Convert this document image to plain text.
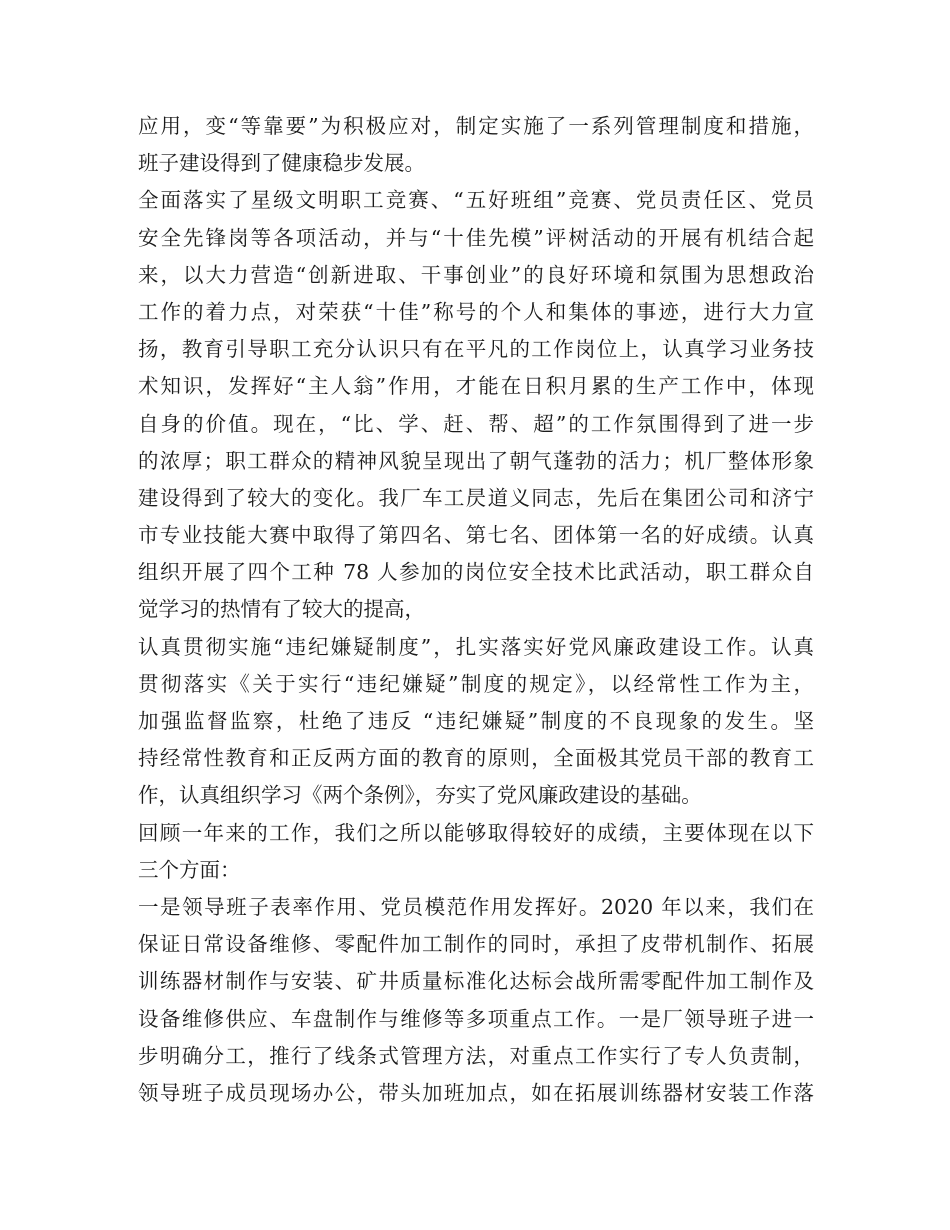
应用，变“等靠要”为积极应对，制定实施了一系列管理制度和措施，
班子建设得到了健康稳步发展。
全面落实了星级文明职工竞赛、“五好班组”竞赛、党员责任区、党员
安全先锋岗等各项活动，并与“十佳先模”评树活动的开展有机结合起
来，以大力营造“创新进取、干事创业”的良好环境和氛围为思想政治
工作的着力点，对荣获“十佳”称号的个人和集体的事迹，进行大力宣
扬，教育引导职工充分认识只有在平凡的工作岗位上，认真学习业务技
术知识，发挥好“主人翁”作用，才能在日积月累的生产工作中，体现
自身的价值。现在，“比、学、赶、帮、超”的工作氛围得到了进一步
的浓厚；职工群众的精神风貌呈现出了朝气蓬勃的活力；机厂整体形象
建设得到了较大的变化。我厂车工昃道义同志，先后在集团公司和济宁
市专业技能大赛中取得了第四名、第七名、团体第一名的好成绩。认真
组织开展了四个工种 78 人参加的岗位安全技术比武活动，职工群众自
觉学习的热情有了较大的提高，
认真贯彻实施“违纪嫌疑制度”，扎实落实好党风廉政建设工作。认真
贯彻落实《关于实行“违纪嫌疑”制度的规定》，以经常性工作为主，
加强监督监察，杜绝了违反 “违纪嫌疑”制度的不良现象的发生。坚
持经常性教育和正反两方面的教育的原则，全面极其党员干部的教育工
作，认真组织学习《两个条例》，夯实了党风廉政建设的基础。
回顾一年来的工作，我们之所以能够取得较好的成绩，主要体现在以下
三个方面：
一是领导班子表率作用、党员模范作用发挥好。2020 年以来，我们在
保证日常设备维修、零配件加工制作的同时，承担了皮带机制作、拓展
训练器材制作与安装、矿井质量标准化达标会战所需零配件加工制作及
设备维修供应、车盘制作与维修等多项重点工作。一是厂领导班子进一
步明确分工，推行了线条式管理方法，对重点工作实行了专人负责制，
领导班子成员现场办公，带头加班加点，如在拓展训练器材安装工作落
